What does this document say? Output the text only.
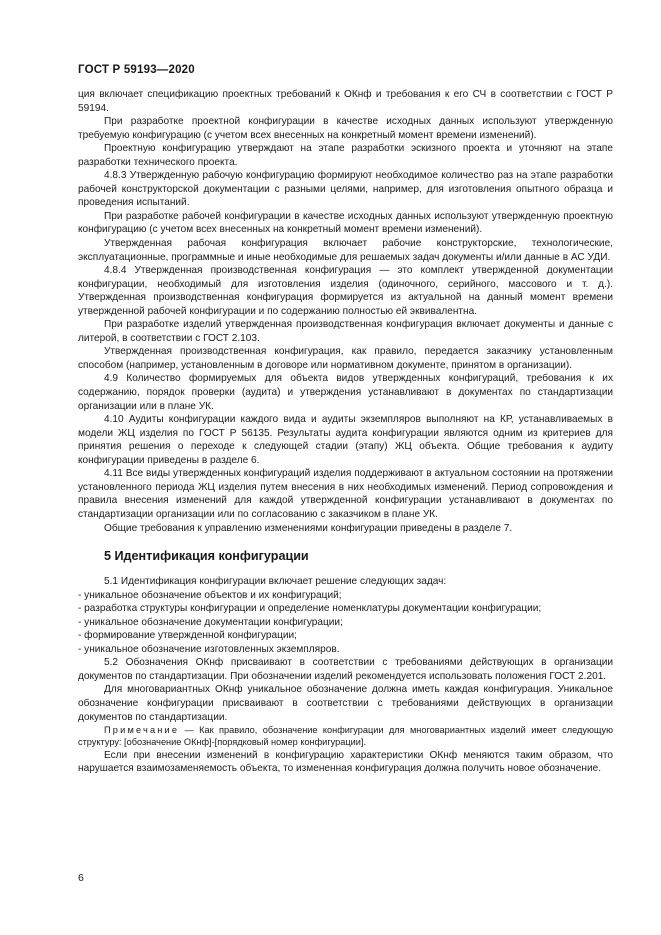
ГОСТ Р 59193—2020

ция включает спецификацию проектных требований к ОКнф и требования к его СЧ в соответствии с ГОСТ Р 59194.

При разработке проектной конфигурации в качестве исходных данных используют утвержденную требуемую конфигурацию (с учетом всех внесенных на конкретный момент времени изменений).

Проектную конфигурацию утверждают на этапе разработки эскизного проекта и уточняют на этапе разработки технического проекта.

4.8.3 Утвержденную рабочую конфигурацию формируют необходимое количество раз на этапе разработки рабочей конструкторской документации с разными целями, например, для изготовления опытного образца и проведения испытаний.

При разработке рабочей конфигурации в качестве исходных данных используют утвержденную проектную конфигурацию (с учетом всех внесенных на конкретный момент времени изменений).

Утвержденная рабочая конфигурация включает рабочие конструкторские, технологические, эксплуатационные, программные и иные необходимые для решаемых задач документы и/или данные в АС УДИ.

4.8.4 Утвержденная производственная конфигурация — это комплект утвержденной документации конфигурации, необходимый для изготовления изделия (одиночного, серийного, массового и т. д.). Утвержденная производственная конфигурация формируется из актуальной на данный момент времени утвержденной рабочей конфигурации и по содержанию полностью ей эквивалентна.

При разработке изделий утвержденная производственная конфигурация включает документы и данные с литерой, в соответствии с ГОСТ 2.103.

Утвержденная производственная конфигурация, как правило, передается заказчику установленным способом (например, установленным в договоре или нормативном документе, принятом в организации).

4.9 Количество формируемых для объекта видов утвержденных конфигураций, требования к их содержанию, порядок проверки (аудита) и утверждения устанавливают в документах по стандартизации организации или в плане УК.

4.10 Аудиты конфигурации каждого вида и аудиты экземпляров выполняют на КР, устанавливаемых в модели ЖЦ изделия по ГОСТ Р 56135. Результаты аудита конфигурации являются одним из критериев для принятия решения о переходе к следующей стадии (этапу) ЖЦ объекта. Общие требования к аудиту конфигурации приведены в разделе 6.

4.11 Все виды утвержденных конфигураций изделия поддерживают в актуальном состоянии на протяжении установленного периода ЖЦ изделия путем внесения в них необходимых изменений. Период сопровождения и правила внесения изменений для каждой утвержденной конфигурации устанавливают в документах по стандартизации организации или по согласованию с заказчиком в плане УК.

Общие требования к управлению изменениями конфигурации приведены в разделе 7.

5 Идентификация конфигурации

5.1 Идентификация конфигурации включает решение следующих задач:

- уникальное обозначение объектов и их конфигураций;

- разработка структуры конфигурации и определение номенклатуры документации конфигурации;

- уникальное обозначение документации конфигурации;

- формирование утвержденной конфигурации;

- уникальное обозначение изготовленных экземпляров.

5.2 Обозначения ОКнф присваивают в соответствии с требованиями действующих в организации документов по стандартизации. При обозначении изделий рекомендуется использовать положения ГОСТ 2.201.

Для многовариантных ОКнф уникальное обозначение должна иметь каждая конфигурация. Уникальное обозначение конфигурации присваивают в соответствии с требованиями действующих в организации документов по стандартизации.

Примечание — Как правило, обозначение конфигурации для многовариантных изделий имеет следующую структуру: [обозначение ОКнф]-[порядковый номер конфигурации].

Если при внесении изменений в конфигурацию характеристики ОКнф меняются таким образом, что нарушается взаимозаменяемость объекта, то измененная конфигурация должна получить новое обозначение.

6
